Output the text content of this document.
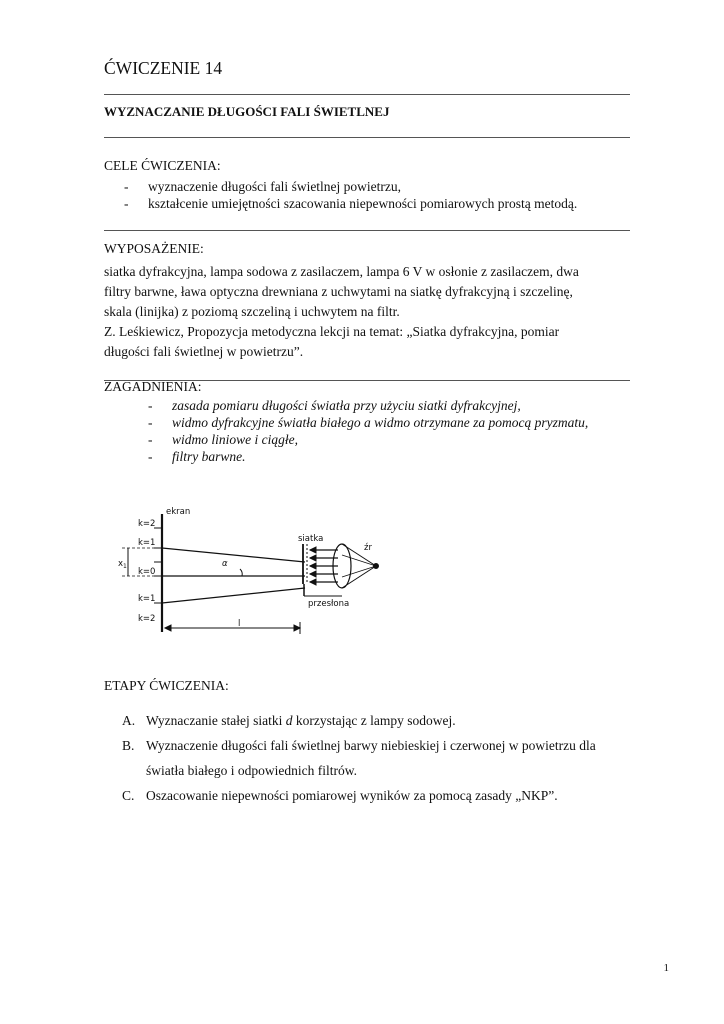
ĆWICZENIE 14
WYZNACZANIE DŁUGOŚCI FALI ŚWIETLNEJ
CELE ĆWICZENIA:
- wyznaczenie długości fali świetlnej powietrzu,
- kształcenie umiejętności szacowania niepewności pomiarowych prostą metodą.
WYPOSAŻENIE:
siatka dyfrakcyjna, lampa sodowa z zasilaczem, lampa 6 V w osłonie z zasilaczem, dwa
filtry barwne, ława optyczna drewniana z uchwytami na siatkę dyfrakcyjną i szczelinę,
skala (linijka) z poziomą szczeliną i uchwytem na filtr.
Z. Leśkiewicz, Propozycja metodyczna lekcji na temat: „Siatka dyfrakcyjna, pomiar
długości fali świetlnej w powietrzu”.
ZAGADNIENIA:
- zasada pomiaru długości światła przy użyciu siatki dyfrakcyjnej,
- widmo dyfrakcyjne światła białego a widmo otrzymane za pomocą pryzmatu,
- widmo liniowe i ciągłe,
- filtry barwne.
ekran
k=2
k=1
k=0
k=1
k=2
$x_1$	α
siatka
źr
przesłona
l
ETAPY ĆWICZENIA:
A. Wyznaczanie stałej siatki d korzystając z lampy sodowej.
B. Wyznaczenie długości fali świetlnej barwy niebieskiej i czerwonej w powietrzu dla
światła białego i odpowiednich filtrów.
C. Oszacowanie niepewności pomiarowej wyników za pomocą zasady „NKP”.
1
